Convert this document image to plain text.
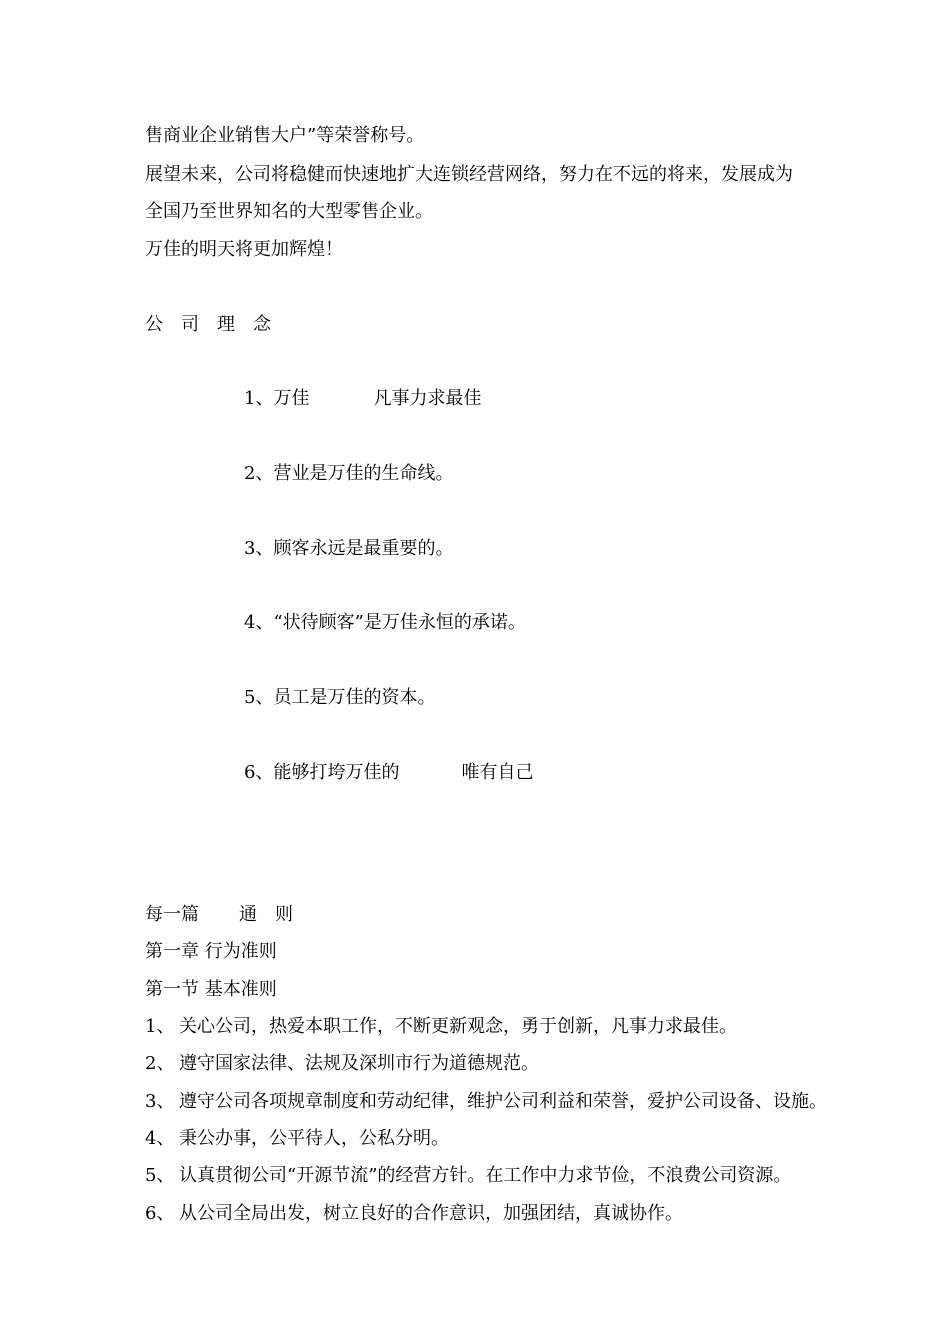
售商业企业销售大户”等荣誉称号。
展望未来，公司将稳健而快速地扩大连锁经营网络，努力在不远的将来，发展成为
全国乃至世界知名的大型零售企业。
万佳的明天将更加辉煌！
公　司　理　念
1、万佳	凡事力求最佳
2、营业是万佳的生命线。
3、顾客永远是最重要的。
4、“状待顾客”是万佳永恒的承诺。
5、员工是万佳的资本。
6、能够打垮万佳的	唯有自己
每一篇 通　则
第一章 行为准则
第一节 基本准则
1、 关心公司，热爱本职工作，不断更新观念，勇于创新，凡事力求最佳。
2、 遵守国家法律、法规及深圳市行为道德规范。
3、 遵守公司各项规章制度和劳动纪律，维护公司利益和荣誉，爱护公司设备、设施。
4、 秉公办事，公平待人，公私分明。
5、 认真贯彻公司“开源节流”的经营方针。在工作中力求节俭，不浪费公司资源。
6、 从公司全局出发，树立良好的合作意识，加强团结，真诚协作。
